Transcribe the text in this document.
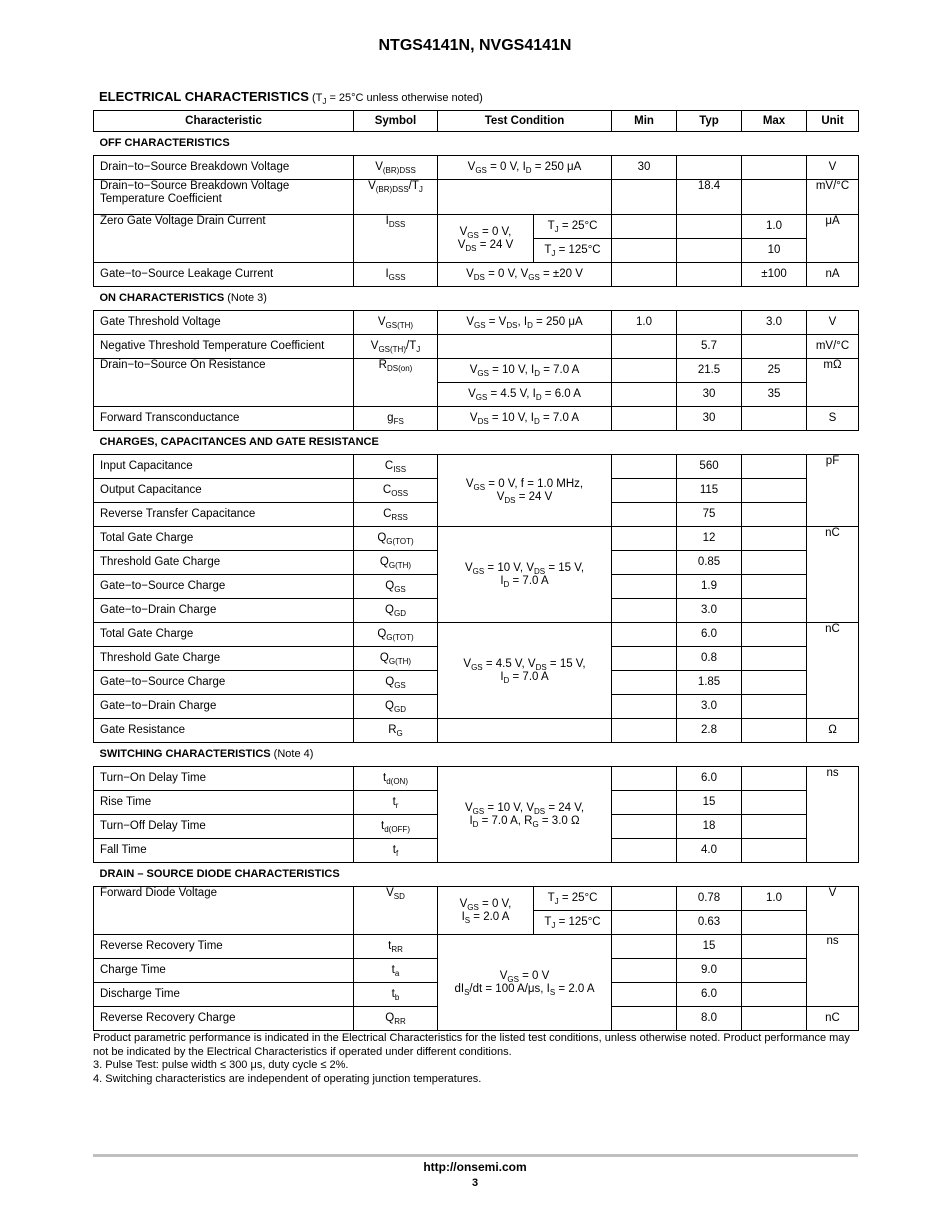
NTGS4141N, NVGS4141N
ELECTRICAL CHARACTERISTICS ($T_J = 25^\circ C$ unless otherwise noted)
Characteristic	Symbol	Test Condition		Min	Typ	Max	Unit
OFF CHARACTERISTICS							
Drain−to−Source Breakdown Voltage	$V_{(BR)DSS}$	$V_{GS} = 0$ V, $I_D = 250$ μA		30			V
Drain−to−Source Breakdown Voltage
Temperature Coefficient	$V_{(BR)DSS}/T_J$				18.4		mV/°C
Zero Gate Voltage Drain Current	$I_{DSS}$	$V_{GS} = 0$ V,
$V_{DS} = 24$ V	$T_J = 25^\circ C$			1.0	μA
			$T_J = 125^\circ C$			10	
Gate−to−Source Leakage Current	$I_{GSS}$	$V_{DS} = 0$ V, $V_{GS} = \pm 20$ V				±100	nA
ON CHARACTERISTICS (Note 3)							
Gate Threshold Voltage	$V_{GS(TH)}$	$V_{GS} = V_{DS}$, $I_D = 250$ μA		1.0		3.0	V
Negative Threshold Temperature Coefficient	$V_{GS(TH)}/T_J$				5.7		mV/°C
Drain−to−Source On Resistance	$R_{DS(on)}$	$V_{GS} = 10$ V, $I_D = 7.0$ A			21.5	25	mΩ
		$V_{GS} = 4.5$ V, $I_D = 6.0$ A			30	35	
Forward Transconductance	$g_{FS}$	$V_{DS} = 10$ V, $I_D = 7.0$ A			30		S
CHARGES, CAPACITANCES AND GATE RESISTANCE							
Input Capacitance	$C_{ISS}$	$V_{GS} = 0$ V, f = 1.0 MHz,
$V_{DS} = 24$ V			560		pF
Output Capacitance	$C_{OSS}$				115		
Reverse Transfer Capacitance	$C_{RSS}$				75		
Total Gate Charge	$Q_{G(TOT)}$	$V_{GS} = 10$ V, $V_{DS} = 15$ V,
$I_D = 7.0$ A			12		nC
Threshold Gate Charge	$Q_{G(TH)}$				0.85		
Gate−to−Source Charge	$Q_{GS}$				1.9		
Gate−to−Drain Charge	$Q_{GD}$				3.0		
Total Gate Charge	$Q_{G(TOT)}$	$V_{GS} = 4.5$ V, $V_{DS} = 15$ V,
$I_D = 7.0$ A			6.0		nC
Threshold Gate Charge	$Q_{G(TH)}$				0.8		
Gate−to−Source Charge	$Q_{GS}$				1.85		
Gate−to−Drain Charge	$Q_{GD}$				3.0		
Gate Resistance	$R_G$				2.8		Ω
SWITCHING CHARACTERISTICS (Note 4)							
Turn−On Delay Time	$t_{d(ON)}$	$V_{GS} = 10$ V, $V_{DS} = 24$ V,
$I_D = 7.0$ A, $R_G = 3.0$ Ω			6.0		ns
Rise Time	$t_r$				15		
Turn−Off Delay Time	$t_{d(OFF)}$				18		
Fall Time	$t_f$				4.0		
DRAIN – SOURCE DIODE CHARACTERISTICS							
Forward Diode Voltage	$V_{SD}$	$V_{GS} = 0$ V,
$I_S = 2.0$ A	$T_J = 25^\circ C$		0.78	1.0	V
			$T_J = 125^\circ C$		0.63		
Reverse Recovery Time	$t_{RR}$	$V_{GS} = 0$ V
$dI_S/dt = 100$ A/μs, $I_S = 2.0$ A			15		ns
Charge Time	$t_a$				9.0		
Discharge Time	$t_b$				6.0		
Reverse Recovery Charge	$Q_{RR}$				8.0		nC
Product parametric performance is indicated in the Electrical Characteristics for the listed test conditions, unless otherwise noted. Product performance may not be indicated by the Electrical Characteristics if operated under different conditions.
3. Pulse Test: pulse width ≤ 300 μs, duty cycle ≤ 2%.
4. Switching characteristics are independent of operating junction temperatures.
http://onsemi.com
3
